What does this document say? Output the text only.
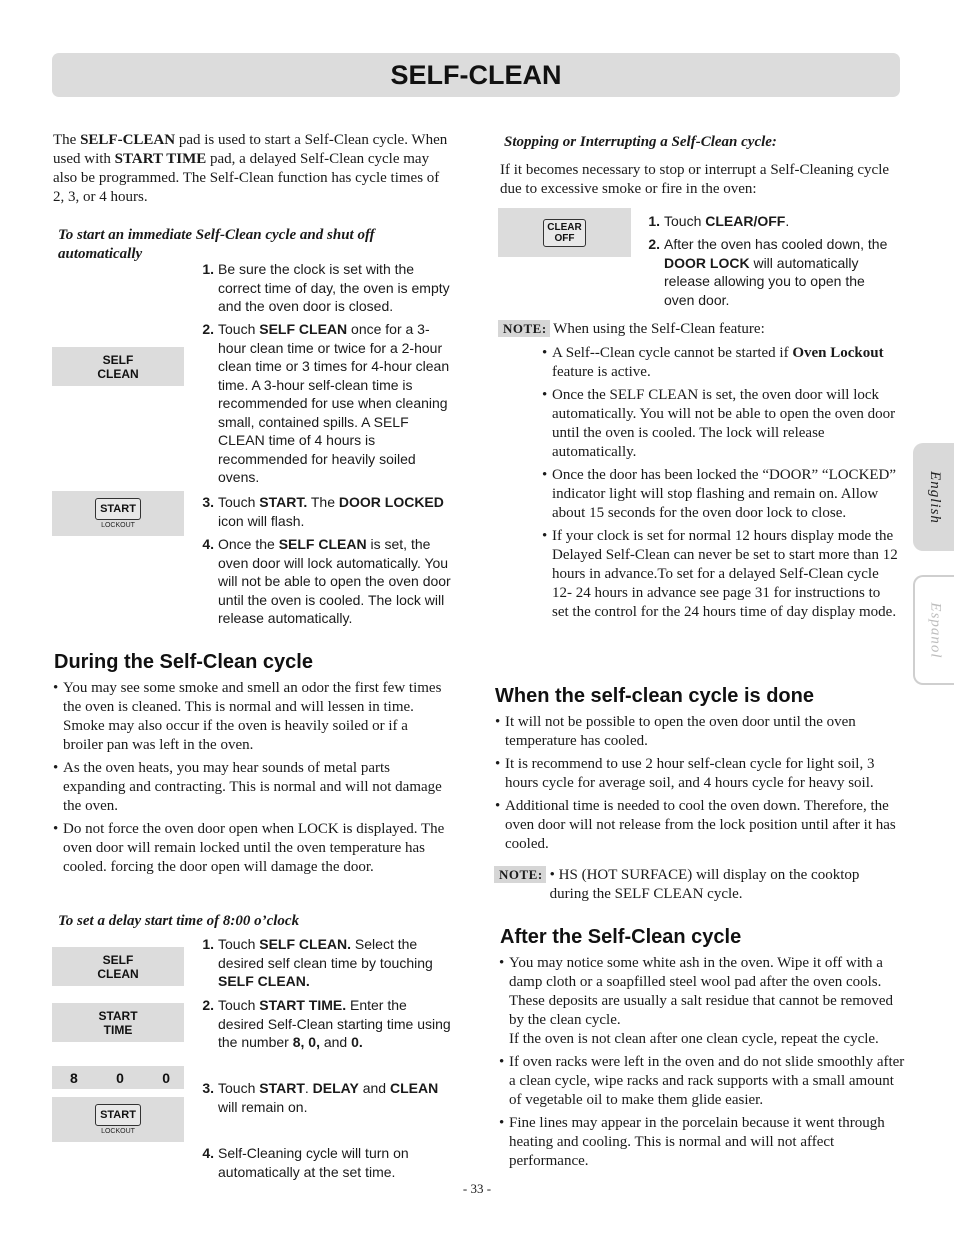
SELF-CLEAN
The SELF-CLEAN pad is used to start a Self-Clean cycle. When used with START TIME pad, a delayed Self-Clean cycle may also be programmed. The Self-Clean function has cycle times of 2, 3, or 4 hours.
To start an immediate Self-Clean cycle and shut off automatically
SELF
CLEAN
START
LOCKOUT
1. Be sure the clock is set with the correct time of day, the oven is empty and the oven door is closed.
2. Touch SELF CLEAN once for a 3-hour clean time or twice for a 2-hour clean time or 3 times for 4-hour clean time. A 3-hour self-clean time is recommended for use when cleaning small, contained spills. A SELF CLEAN time of 4 hours is recommended for heavily soiled ovens.
3. Touch START. The DOOR LOCKED icon will flash.
4. Once the SELF CLEAN is set, the oven door will lock automatically. You will not be able to open the oven door until the oven is cooled. The lock will release automatically.
During the Self-Clean cycle
• You may see some smoke and smell an odor the first few times the oven is cleaned. This is normal and will lessen in time. Smoke may also occur if the oven is heavily soiled or if a broiler pan was left in the oven.
• As the oven heats, you may hear sounds of metal parts expanding and contracting. This is normal and will not damage the oven.
• Do not force the oven door open when LOCK is displayed. The oven door will remain locked until the oven temperature has cooled. forcing the door open will damage the door.
To set a delay start time of 8:00 o’clock
SELF
CLEAN
START
TIME
8	0	0
START
LOCKOUT
1. Touch SELF CLEAN. Select the desired self clean time by touching SELF CLEAN.
2. Touch START TIME. Enter the desired Self-Clean starting time using the number 8, 0, and 0.
3. Touch START. DELAY and CLEAN will remain on.
4. Self-Cleaning cycle will turn on automatically at the set time.
Stopping or Interrupting a Self-Clean cycle:
If it becomes necessary to stop or interrupt a Self-Cleaning cycle due to excessive smoke or fire in the oven:
CLEAR
OFF
1. Touch CLEAR/OFF.
2. After the oven has cooled down, the DOOR LOCK will automatically release allowing you to open the oven door.
NOTE: When using the Self-Clean feature:
• A Self--Clean cycle cannot be started if Oven Lockout feature is active.
• Once the SELF CLEAN is set, the oven door will lock automatically. You will not be able to open the oven door until the oven is cooled. The lock will release automatically.
• Once the door has been locked the “DOOR” “LOCKED” indicator light will stop flashing and remain on. Allow about 15 seconds for the oven door lock to close.
• If your clock is set for normal 12 hours display mode the Delayed Self-Clean can never be set to start more than 12 hours in advance.To set for a delayed Self-Clean cycle 12- 24 hours in advance see page 31 for instructions to set the control for the 24 hours time of day display mode.
When the self-clean cycle is done
• It will not be possible to open the oven door until the oven temperature has cooled.
• It is recommend to use 2 hour self-clean cycle for light soil, 3 hours cycle for average soil, and 4 hours cycle for heavy soil.
• Additional time is needed to cool the oven down. Therefore, the oven door will not release from the lock position until after it has cooled.
NOTE: • HS (HOT SURFACE) will display on the cooktop during the SELF CLEAN cycle.
After the Self-Clean cycle
• You may notice some white ash in the oven. Wipe it off with a damp cloth or a soapfilled steel wool pad after the oven cools. These deposits are usually a salt residue that cannot be removed by the clean cycle.
If the oven is not clean after one clean cycle, repeat the cycle.
• If oven racks were left in the oven and do not slide smoothly after a clean cycle, wipe racks and rack supports with a small amount of vegetable oil to make them glide easier.
• Fine lines may appear in the porcelain because it went through heating and cooling. This is normal and will not affect performance.
English
Espanol
- 33 -
